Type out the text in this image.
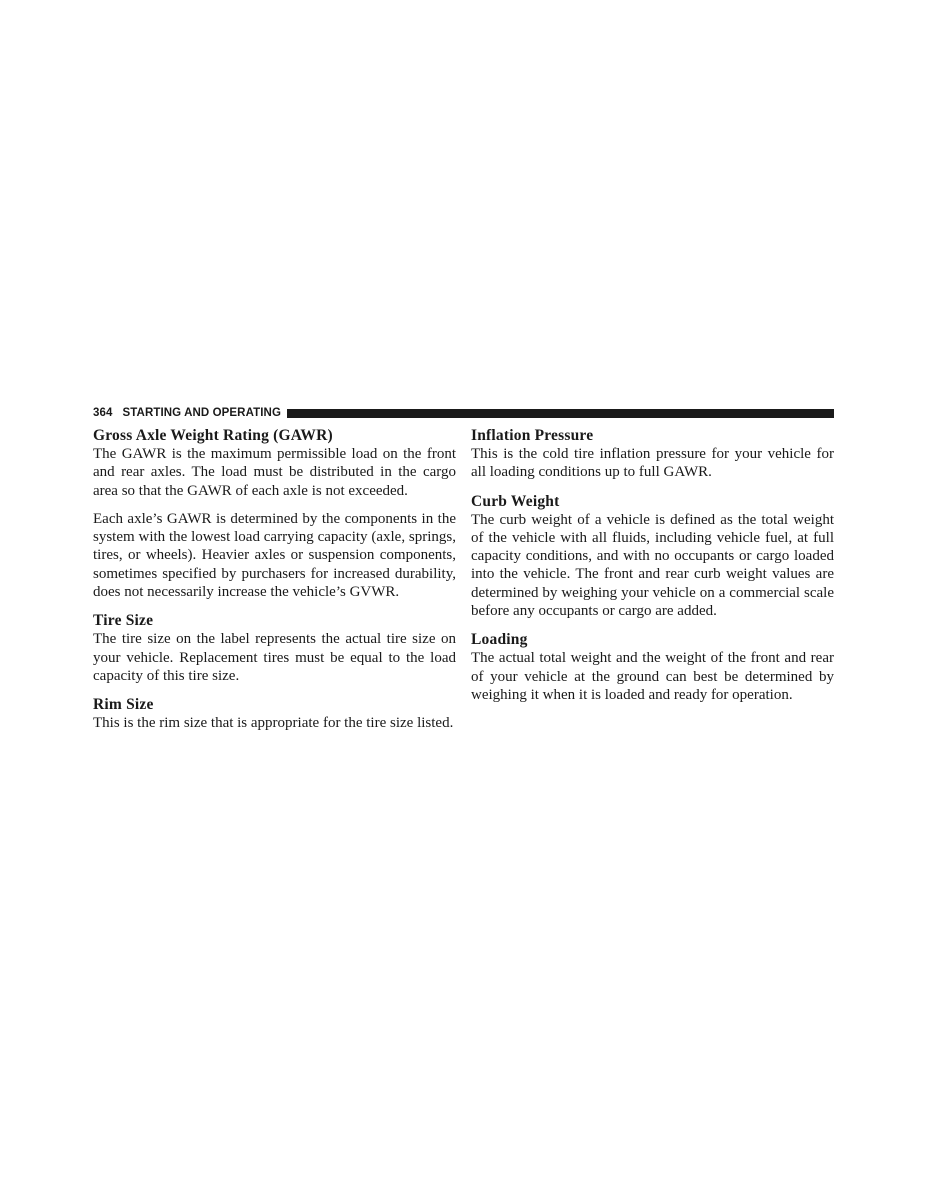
364 STARTING AND OPERATING
Gross Axle Weight Rating (GAWR)

The GAWR is the maximum permissible load on the front and rear axles. The load must be distributed in the cargo area so that the GAWR of each axle is not exceeded.

Each axle’s GAWR is determined by the components in the system with the lowest load carrying capacity (axle, springs, tires, or wheels). Heavier axles or suspension components, sometimes specified by purchasers for increased durability, does not necessarily increase the vehicle’s GVWR.

Tire Size

The tire size on the label represents the actual tire size on your vehicle. Replacement tires must be equal to the load capacity of this tire size.

Rim Size

This is the rim size that is appropriate for the tire size listed.

Inflation Pressure

This is the cold tire inflation pressure for your vehicle for all loading conditions up to full GAWR.

Curb Weight

The curb weight of a vehicle is defined as the total weight of the vehicle with all fluids, including vehicle fuel, at full capacity conditions, and with no occupants or cargo loaded into the vehicle. The front and rear curb weight values are determined by weighing your vehicle on a commercial scale before any occupants or cargo are added.

Loading

The actual total weight and the weight of the front and rear of your vehicle at the ground can best be determined by weighing it when it is loaded and ready for operation.
